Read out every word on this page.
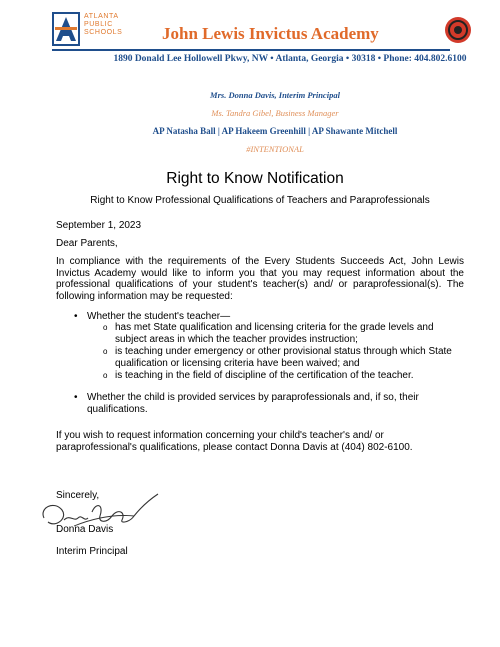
ATLANTA
PUBLIC
SCHOOLS John Lewis Invictus Academy
1890 Donald Lee Hollowell Pkwy, NW • Atlanta, Georgia • 30318 • Phone: 404.802.6100
Mrs. Donna Davis, Interim Principal
Ms. Tandra Gibel, Business Manager
AP Natasha Ball | AP Hakeem Greenhill | AP Shawante Mitchell
#INTENTIONAL
Right to Know Notification
Right to Know Professional Qualifications of Teachers and Paraprofessionals
September 1, 2023
Dear Parents,
In compliance with the requirements of the Every Students Succeeds Act, John Lewis Invictus Academy would like to inform you that you may request information about the professional qualifications of your student's teacher(s) and/ or paraprofessional(s). The following information may be requested:
• Whether the student's teacher—
o has met State qualification and licensing criteria for the grade levels and subject areas in which the teacher provides instruction;
o is teaching under emergency or other provisional status through which State qualification or licensing criteria have been waived; and
o is teaching in the field of discipline of the certification of the teacher.
• Whether the child is provided services by paraprofessionals and, if so, their qualifications.
If you wish to request information concerning your child's teacher's and/ or paraprofessional's qualifications, please contact Donna Davis at (404) 802-6100.
Sincerely,
Donna Davis
Interim Principal
